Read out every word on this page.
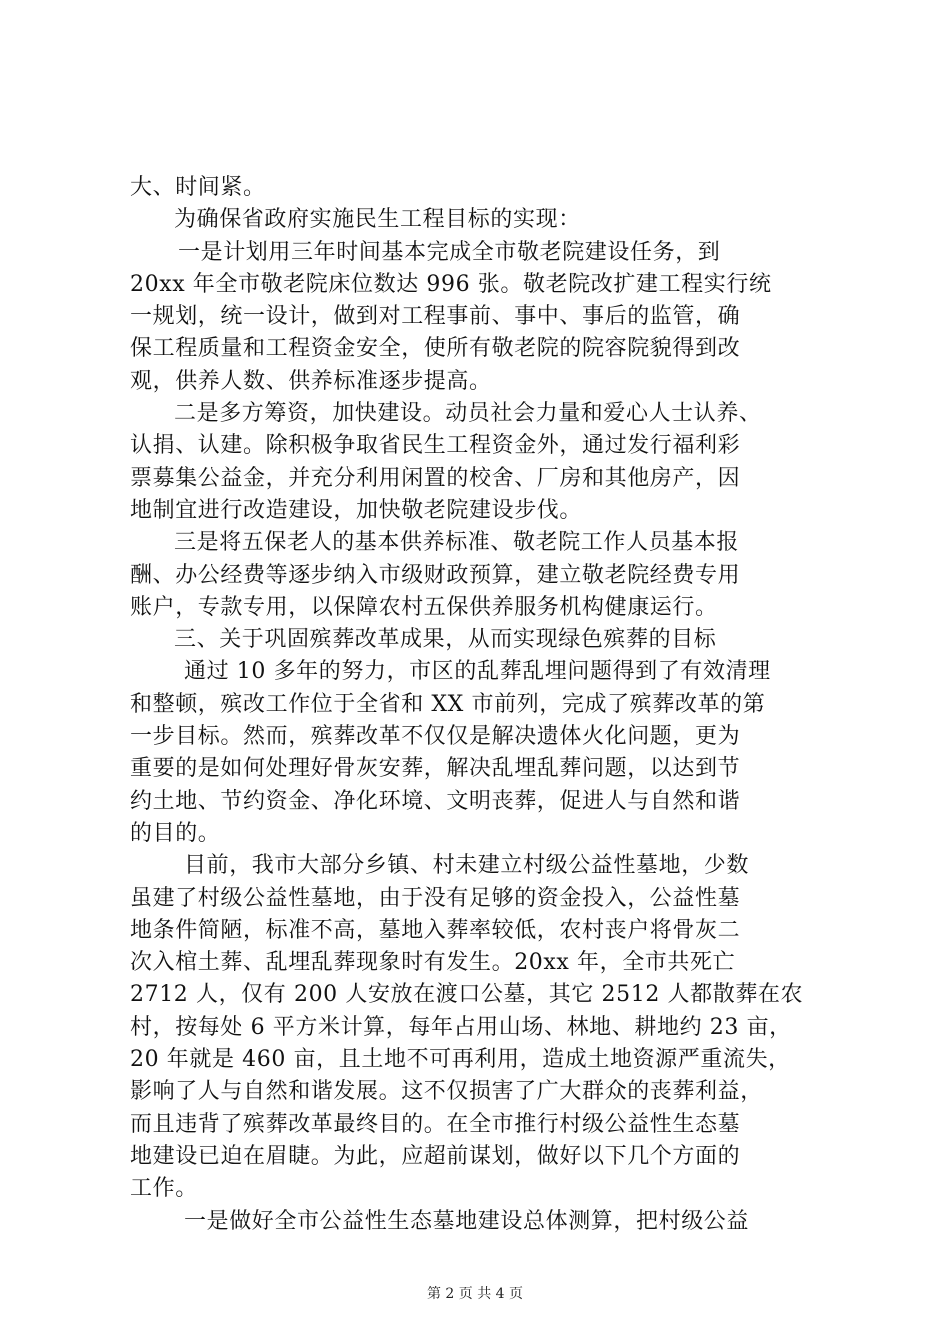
大、时间紧。
为确保省政府实施民生工程目标的实现：
一是计划用三年时间基本完成全市敬老院建设任务，到
20xx 年全市敬老院床位数达 996 张。敬老院改扩建工程实行统
一规划，统一设计，做到对工程事前、事中、事后的监管，确
保工程质量和工程资金安全，使所有敬老院的院容院貌得到改
观，供养人数、供养标准逐步提高。
二是多方筹资，加快建设。动员社会力量和爱心人士认养、
认捐、认建。除积极争取省民生工程资金外，通过发行福利彩
票募集公益金，并充分利用闲置的校舍、厂房和其他房产，因
地制宜进行改造建设，加快敬老院建设步伐。
三是将五保老人的基本供养标准、敬老院工作人员基本报
酬、办公经费等逐步纳入市级财政预算，建立敬老院经费专用
账户，专款专用，以保障农村五保供养服务机构健康运行。
三、关于巩固殡葬改革成果，从而实现绿色殡葬的目标
通过 10 多年的努力，市区的乱葬乱埋问题得到了有效清理
和整顿，殡改工作位于全省和 XX 市前列，完成了殡葬改革的第
一步目标。然而，殡葬改革不仅仅是解决遗体火化问题，更为
重要的是如何处理好骨灰安葬，解决乱埋乱葬问题，以达到节
约土地、节约资金、净化环境、文明丧葬，促进人与自然和谐
的目的。
目前，我市大部分乡镇、村未建立村级公益性墓地，少数
虽建了村级公益性墓地，由于没有足够的资金投入，公益性墓
地条件简陋，标准不高，墓地入葬率较低，农村丧户将骨灰二
次入棺土葬、乱埋乱葬现象时有发生。20xx 年，全市共死亡
2712 人，仅有 200 人安放在渡口公墓，其它 2512 人都散葬在农
村，按每处 6 平方米计算，每年占用山场、林地、耕地约 23 亩，
20 年就是 460 亩，且土地不可再利用，造成土地资源严重流失，
影响了人与自然和谐发展。这不仅损害了广大群众的丧葬利益，
而且违背了殡葬改革最终目的。在全市推行村级公益性生态墓
地建设已迫在眉睫。为此，应超前谋划，做好以下几个方面的
工作。
一是做好全市公益性生态墓地建设总体测算，把村级公益
第 2 页 共 4 页
